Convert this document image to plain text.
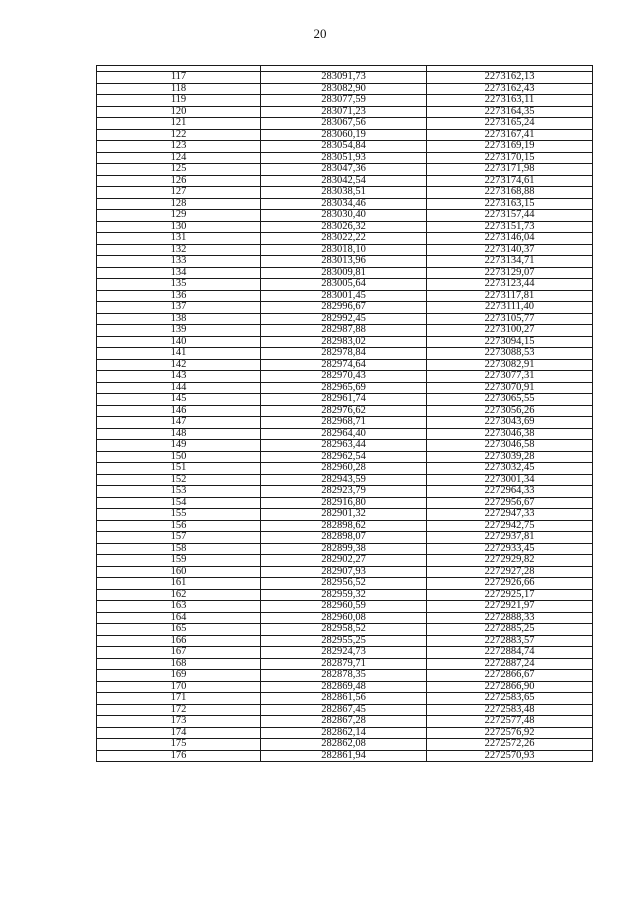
20

117	283091,73	2273162,13
118	283082,90	2273162,43
119	283077,59	2273163,11
120	283071,23	2273164,35
121	283067,56	2273165,24
122	283060,19	2273167,41
123	283054,84	2273169,19
124	283051,93	2273170,15
125	283047,36	2273171,98
126	283042,54	2273174,61
127	283038,51	2273168,88
128	283034,46	2273163,15
129	283030,40	2273157,44
130	283026,32	2273151,73
131	283022,22	2273146,04
132	283018,10	2273140,37
133	283013,96	2273134,71
134	283009,81	2273129,07
135	283005,64	2273123,44
136	283001,45	2273117,81
137	282996,67	2273111,40
138	282992,45	2273105,77
139	282987,88	2273100,27
140	282983,02	2273094,15
141	282978,84	2273088,53
142	282974,64	2273082,91
143	282970,43	2273077,31
144	282965,69	2273070,91
145	282961,74	2273065,55
146	282976,62	2273056,26
147	282968,71	2273043,69
148	282964,40	2273046,38
149	282963,44	2273046,58
150	282962,54	2273039,28
151	282960,28	2273032,45
152	282943,59	2273001,34
153	282923,79	2272964,33
154	282916,80	2272956,67
155	282901,32	2272947,33
156	282898,62	2272942,75
157	282898,07	2272937,81
158	282899,38	2272933,45
159	282902,27	2272929,82
160	282907,93	2272927,28
161	282956,52	2272926,66
162	282959,32	2272925,17
163	282960,59	2272921,97
164	282960,08	2272888,33
165	282958,52	2272885,25
166	282955,25	2272883,57
167	282924,73	2272884,74
168	282879,71	2272887,24
169	282878,35	2272866,67
170	282869,48	2272866,90
171	282861,56	2272583,65
172	282867,45	2272583,48
173	282867,28	2272577,48
174	282862,14	2272576,92
175	282862,08	2272572,26
176	282861,94	2272570,93
